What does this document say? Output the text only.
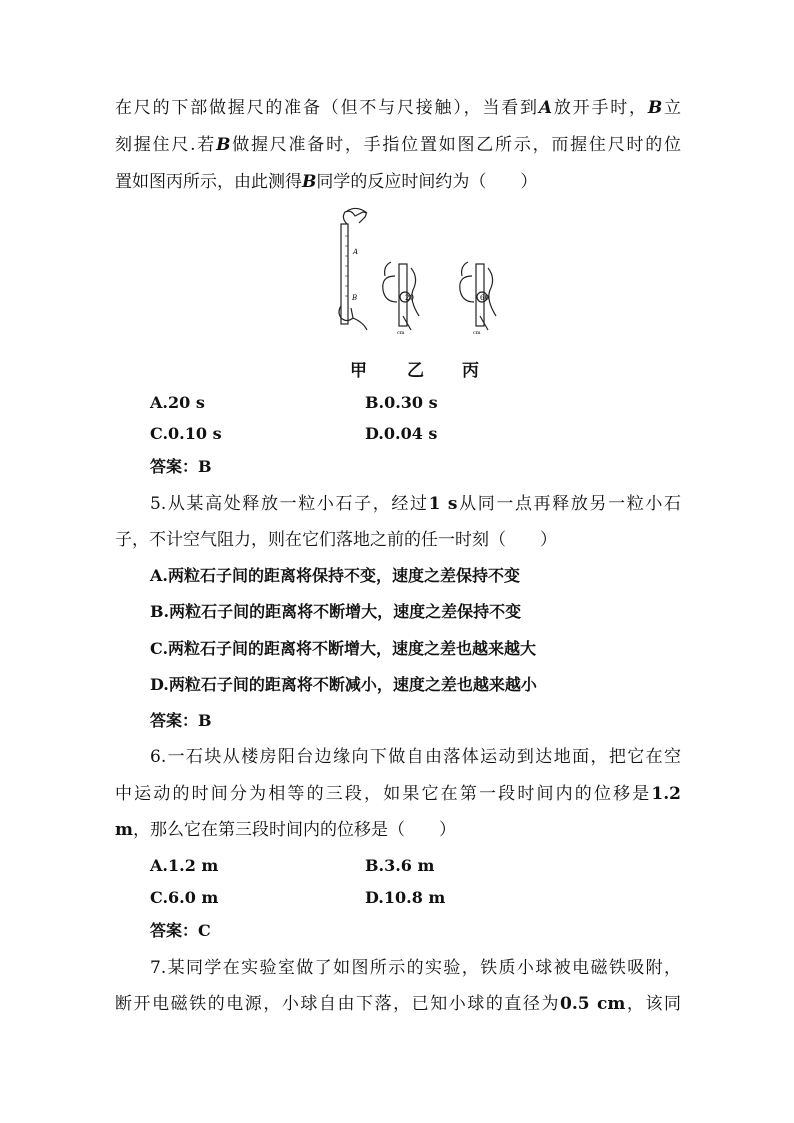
在尺的下部做握尺的准备（但不与尺接触），当看到A放开手时，B立
刻握住尺.若B做握尺准备时，手指位置如图乙所示，而握住尺时的位
置如图丙所示，由此测得B同学的反应时间约为（　　）
A
B	20
cm
60
cm
甲 乙 丙
A.20 s	B.0.30 s
C.0.10 s	D.0.04 s
答案：B
5.从某高处释放一粒小石子，经过1 s从同一点再释放另一粒小石
子，不计空气阻力，则在它们落地之前的任一时刻（　　）
A.两粒石子间的距离将保持不变，速度之差保持不变
B.两粒石子间的距离将不断增大，速度之差保持不变
C.两粒石子间的距离将不断增大，速度之差也越来越大
D.两粒石子间的距离将不断减小，速度之差也越来越小
答案：B
6.一石块从楼房阳台边缘向下做自由落体运动到达地面，把它在空
中运动的时间分为相等的三段，如果它在第一段时间内的位移是1.2
m，那么它在第三段时间内的位移是（　　）
A.1.2 m	B.3.6 m
C.6.0 m	D.10.8 m
答案：C
7.某同学在实验室做了如图所示的实验，铁质小球被电磁铁吸附，
断开电磁铁的电源，小球自由下落，已知小球的直径为0.5 cm，该同
